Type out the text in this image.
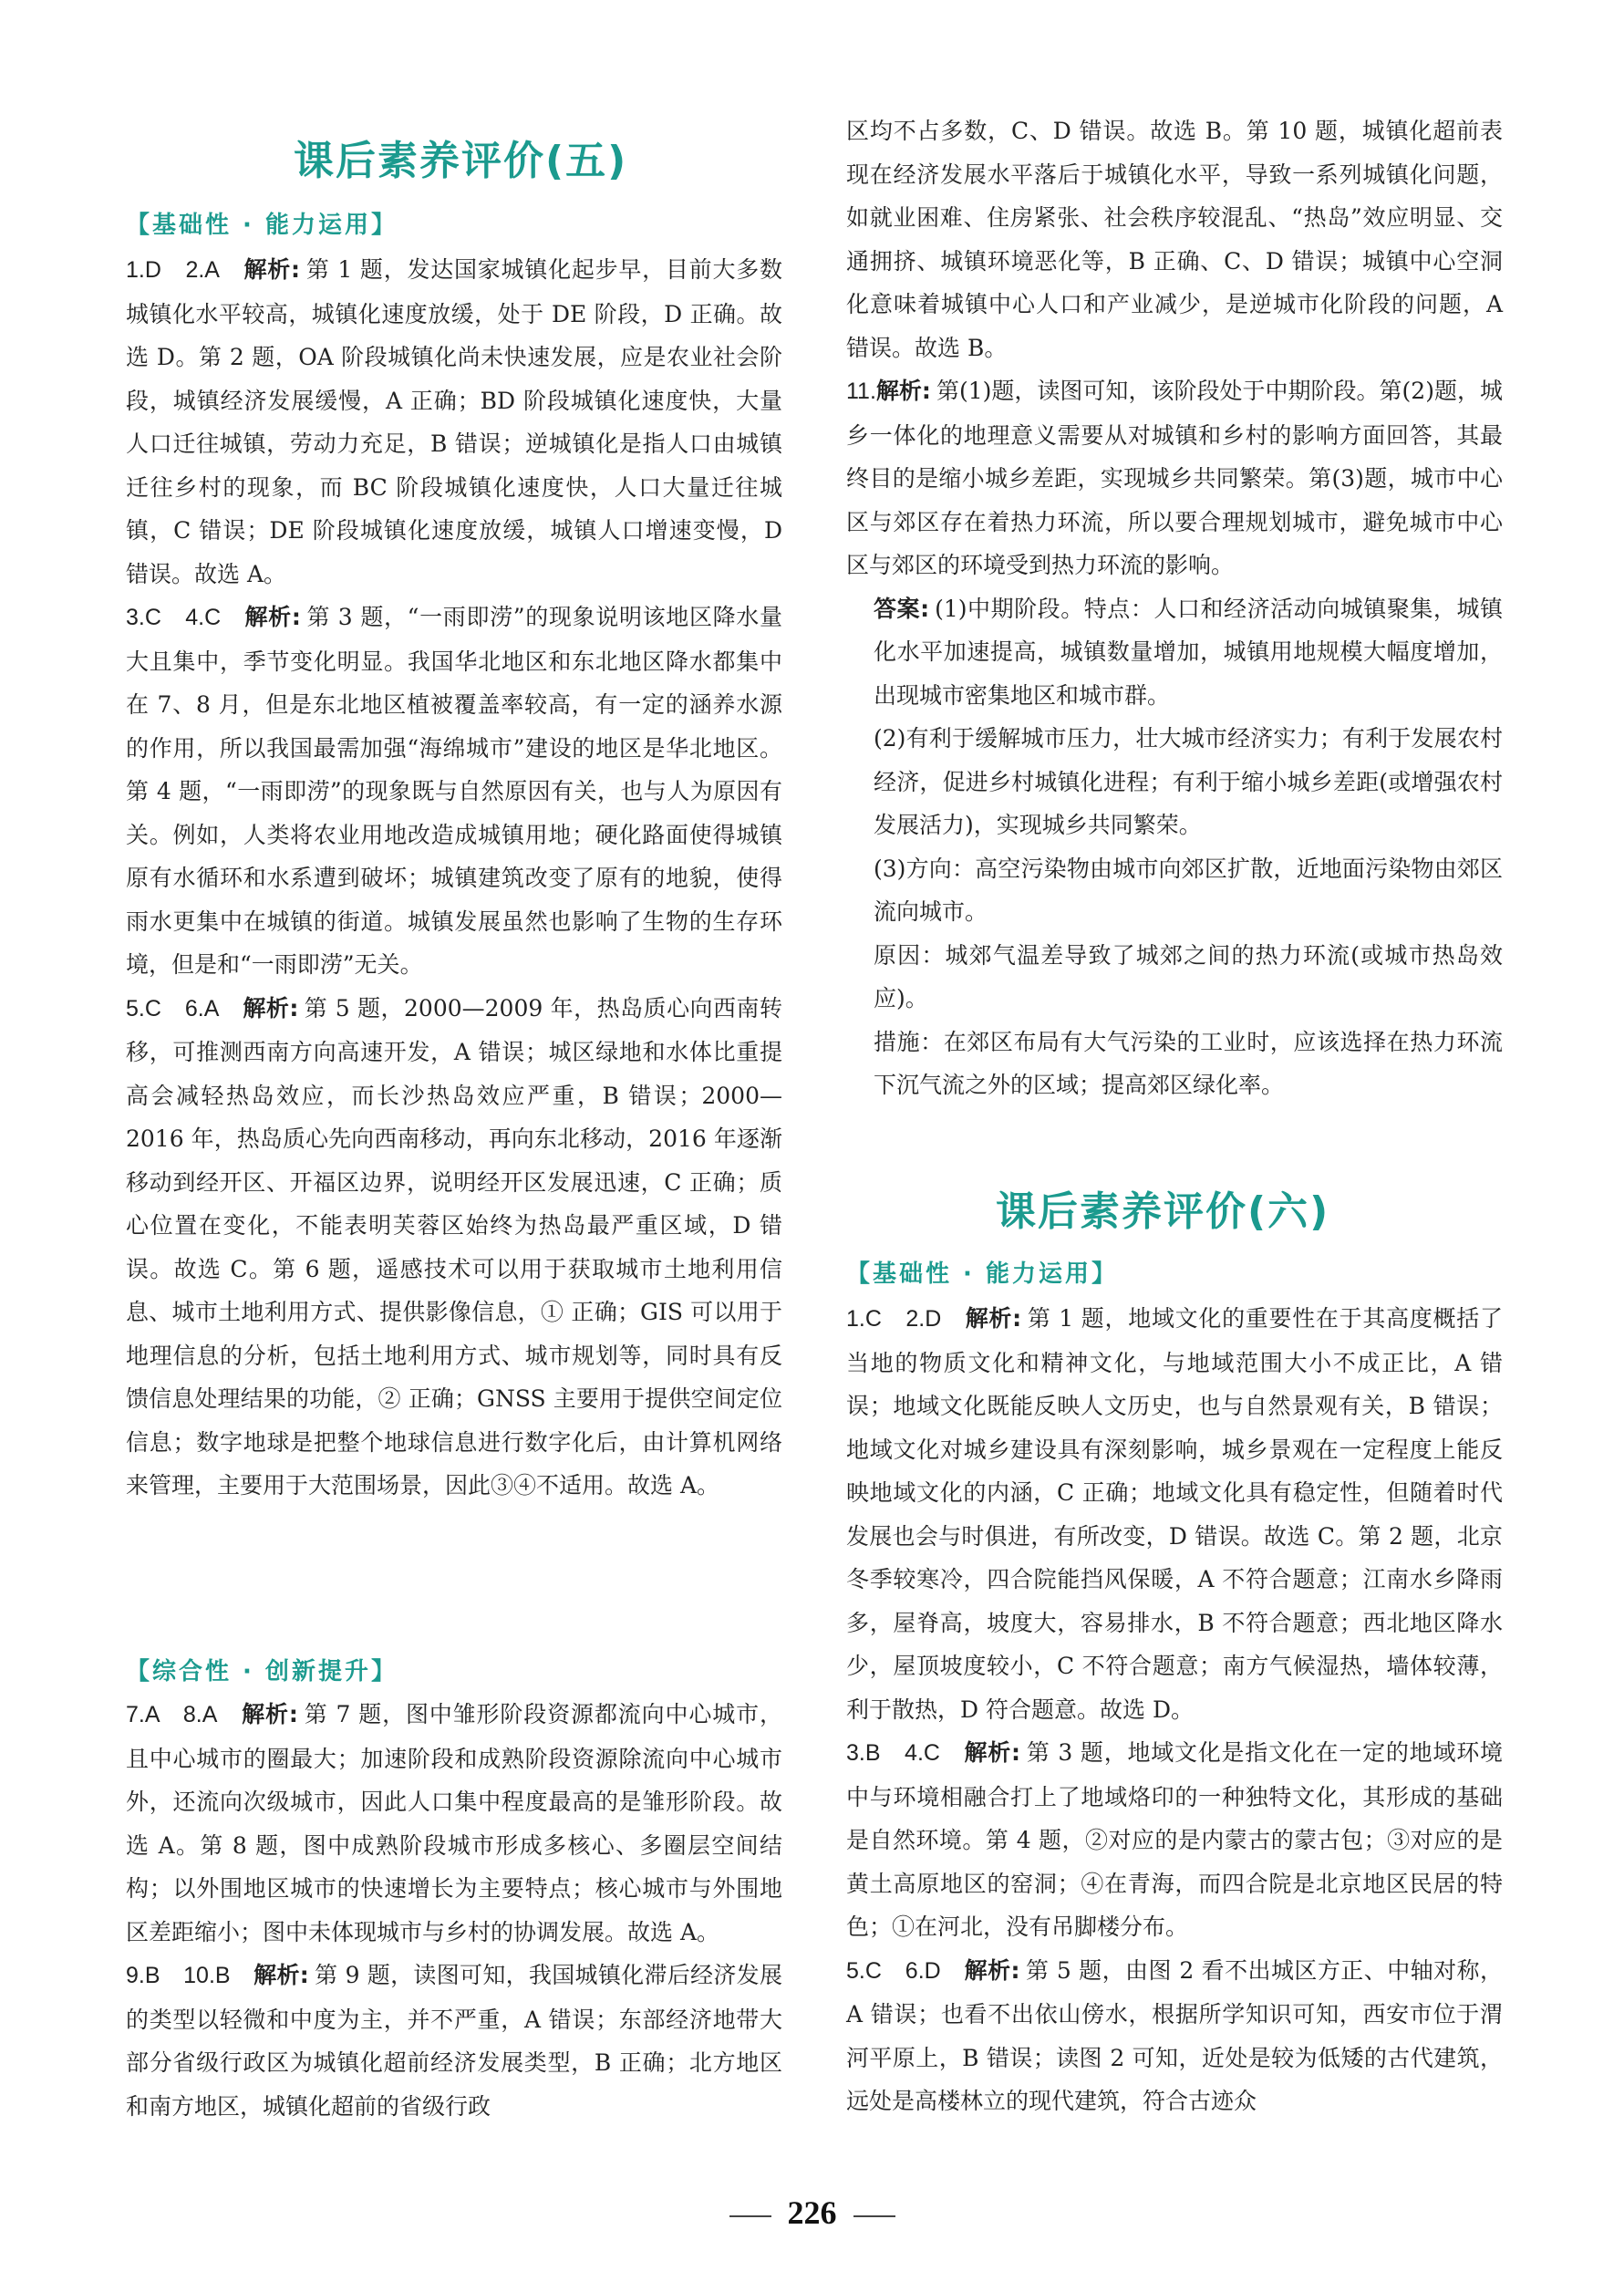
课后素养评价(五)
【基础性 · 能力运用】

1.D　2.A　 解析: 第 1 题，发达国家城镇化起步早，目前大多数城镇化水平较高，城镇化速度放缓，处于 DE 阶段，D 正确。故选 D。第 2 题，OA 阶段城镇化尚未快速发展，应是农业社会阶段，城镇经济发展缓慢，A 正确；BD 阶段城镇化速度快，大量人口迁往城镇，劳动力充足，B 错误；逆城镇化是指人口由城镇迁往乡村的现象，而 BC 阶段城镇化速度快，人口大量迁往城镇，C 错误；DE 阶段城镇化速度放缓，城镇人口增速变慢，D 错误。故选 A。

3.C　4.C　 解析: 第 3 题，“一雨即涝”的现象说明该地区降水量大且集中，季节变化明显。我国华北地区和东北地区降水都集中在 7、8 月，但是东北地区植被覆盖率较高，有一定的涵养水源的作用，所以我国最需加强“海绵城市”建设的地区是华北地区。第 4 题，“一雨即涝”的现象既与自然原因有关，也与人为原因有关。例如，人类将农业用地改造成城镇用地；硬化路面使得城镇原有水循环和水系遭到破坏；城镇建筑改变了原有的地貌，使得雨水更集中在城镇的街道。城镇发展虽然也影响了生物的生存环境，但是和“一雨即涝”无关。

5.C　6.A　 解析: 第 5 题，2000—2009 年，热岛质心向西南转移，可推测西南方向高速开发，A 错误；城区绿地和水体比重提高会减轻热岛效应，而长沙热岛效应严重，B 错误；2000—2016 年，热岛质心先向西南移动，再向东北移动，2016 年逐渐移动到经开区、开福区边界，说明经开区发展迅速，C 正确；质心位置在变化，不能表明芙蓉区始终为热岛最严重区域，D 错误。故选 C。第 6 题，遥感技术可以用于获取城市土地利用信息、城市土地利用方式、提供影像信息，① 正确；GIS 可以用于地理信息的分析，包括土地利用方式、城市规划等，同时具有反馈信息处理结果的功能，② 正确；GNSS 主要用于提供空间定位信息；数字地球是把整个地球信息进行数字化后，由计算机网络来管理，主要用于大范围场景，因此③④不适用。故选 A。

【综合性 · 创新提升】

7.A　8.A　 解析: 第 7 题，图中雏形阶段资源都流向中心城市，且中心城市的圈最大；加速阶段和成熟阶段资源除流向中心城市外，还流向次级城市，因此人口集中程度最高的是雏形阶段。故选 A。第 8 题，图中成熟阶段城市形成多核心、多圈层空间结构；以外围地区城市的快速增长为主要特点；核心城市与外围地区差距缩小；图中未体现城市与乡村的协调发展。故选 A。

9.B　10.B　 解析: 第 9 题，读图可知，我国城镇化滞后经济发展的类型以轻微和中度为主，并不严重，A 错误；东部经济地带大部分省级行政区为城镇化超前经济发展类型，B 正确；北方地区和南方地区，城镇化超前的省级行政

区均不占多数，C、D 错误。故选 B。第 10 题，城镇化超前表现在经济发展水平落后于城镇化水平，导致一系列城镇化问题，如就业困难、住房紧张、社会秩序较混乱、“热岛”效应明显、交通拥挤、城镇环境恶化等，B 正确、C、D 错误；城镇中心空洞化意味着城镇中心人口和产业减少，是逆城市化阶段的问题，A 错误。故选 B。

11.解析: 第(1)题，读图可知，该阶段处于中期阶段。第(2)题，城乡一体化的地理意义需要从对城镇和乡村的影响方面回答，其最终目的是缩小城乡差距，实现城乡共同繁荣。第(3)题，城市中心区与郊区存在着热力环流，所以要合理规划城市，避免城市中心区与郊区的环境受到热力环流的影响。

答案: (1)中期阶段。特点：人口和经济活动向城镇聚集，城镇化水平加速提高，城镇数量增加，城镇用地规模大幅度增加，出现城市密集地区和城市群。

(2)有利于缓解城市压力，壮大城市经济实力；有利于发展农村经济，促进乡村城镇化进程；有利于缩小城乡差距(或增强农村发展活力)，实现城乡共同繁荣。

(3)方向：高空污染物由城市向郊区扩散，近地面污染物由郊区流向城市。

原因：城郊气温差导致了城郊之间的热力环流(或城市热岛效应)。

措施：在郊区布局有大气污染的工业时，应该选择在热力环流下沉气流之外的区域；提高郊区绿化率。

课后素养评价(六)
【基础性 · 能力运用】

1.C　2.D　 解析: 第 1 题，地域文化的重要性在于其高度概括了当地的物质文化和精神文化，与地域范围大小不成正比，A 错误；地域文化既能反映人文历史，也与自然景观有关，B 错误；地域文化对城乡建设具有深刻影响，城乡景观在一定程度上能反映地域文化的内涵，C 正确；地域文化具有稳定性，但随着时代发展也会与时俱进，有所改变，D 错误。故选 C。第 2 题，北京冬季较寒冷，四合院能挡风保暖，A 不符合题意；江南水乡降雨多，屋脊高，坡度大，容易排水，B 不符合题意；西北地区降水少，屋顶坡度较小，C 不符合题意；南方气候湿热，墙体较薄，利于散热，D 符合题意。故选 D。

3.B　4.C　 解析: 第 3 题，地域文化是指文化在一定的地域环境中与环境相融合打上了地域烙印的一种独特文化，其形成的基础是自然环境。第 4 题，②对应的是内蒙古的蒙古包；③对应的是黄土高原地区的窑洞；④在青海，而四合院是北京地区民居的特色；①在河北，没有吊脚楼分布。

5.C　6.D　 解析: 第 5 题，由图 2 看不出城区方正、中轴对称，A 错误；也看不出依山傍水，根据所学知识可知，西安市位于渭河平原上，B 错误；读图 2 可知，近处是较为低矮的古代建筑，远处是高楼林立的现代建筑，符合古迹众

226
